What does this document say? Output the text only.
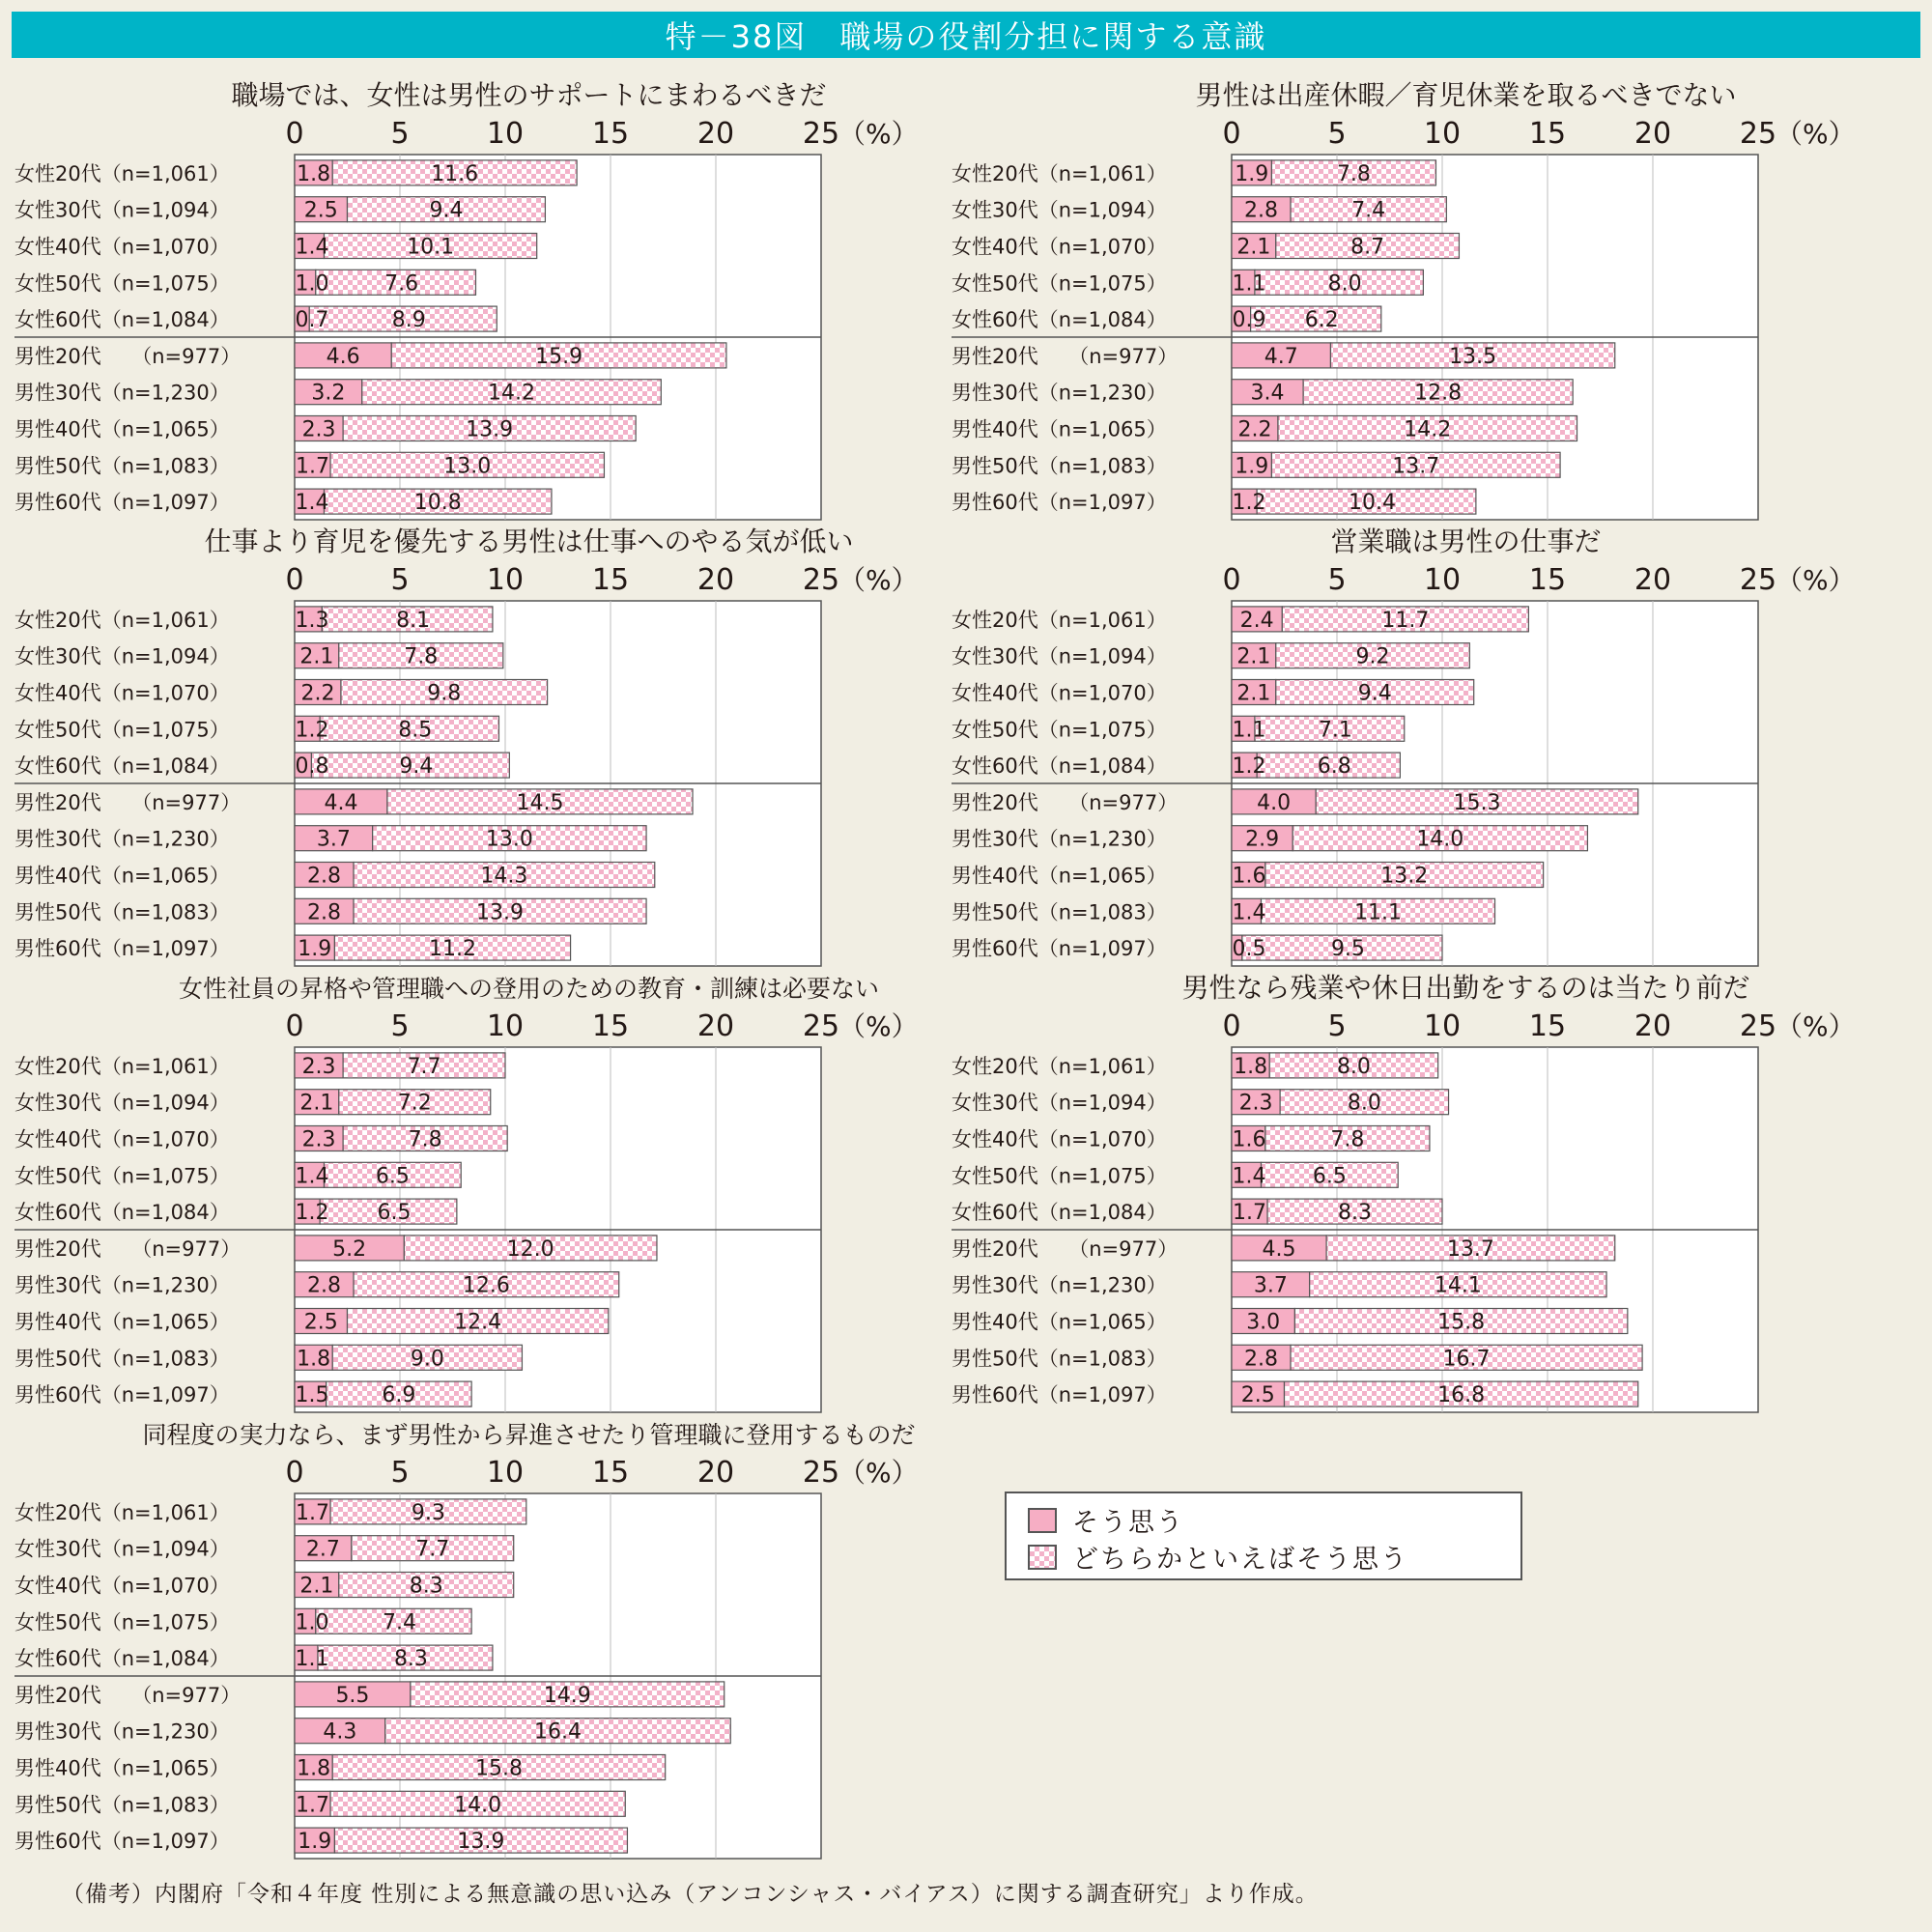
特－38図　職場の役割分担に関する意識
職場では、女性は男性のサポートにまわるべきだ
0	5	10 15 20 25
（%）
女性20代（n=1,061）	1.8	11.6
女性30代（n=1,094）	2.5	9.4
女性40代（n=1,070）	1.4	10.1
女性50代（n=1,075）	1.0	7.6
女性60代（n=1,084）	0.7	8.9
男性20代　　（n=977）	4.6	15.9
男性30代（n=1,230）	3.2	14.2
男性40代（n=1,065）	2.3	13.9
男性50代（n=1,083）	1.7	13.0
男性60代（n=1,097）	1.4	10.8
男性は出産休暇／育児休業を取るべきでない
0	5	10 15 20 25
（%）
女性20代（n=1,061）	1.9	7.8
女性30代（n=1,094）	2.8	7.4
女性40代（n=1,070）	2.1	8.7
女性50代（n=1,075）	1.1	8.0
女性60代（n=1,084）	0.9 6.2
男性20代　　（n=977）	4.7	13.5
男性30代（n=1,230）	3.4	12.8
男性40代（n=1,065）	2.2	14.2
男性50代（n=1,083）	1.9	13.7
男性60代（n=1,097）	1.2	10.4
仕事より育児を優先する男性は仕事へのやる気が低い
0	5	10 15 20 25
（%）
女性20代（n=1,061）	1.3	8.1
女性30代（n=1,094）	2.1	7.8
女性40代（n=1,070）	2.2	9.8
女性50代（n=1,075）	1.2	8.5
女性60代（n=1,084）	0.8	9.4
男性20代　　（n=977）	4.4	14.5
男性30代（n=1,230）	3.7	13.0
男性40代（n=1,065）	2.8	14.3
男性50代（n=1,083）	2.8	13.9
男性60代（n=1,097）	1.9	11.2
営業職は男性の仕事だ
0	5	10 15 20 25
（%）
女性20代（n=1,061）	2.4	11.7
女性30代（n=1,094）	2.1	9.2
女性40代（n=1,070）	2.1	9.4
女性50代（n=1,075）	1.1 7.1
女性60代（n=1,084）	1.2 6.8
男性20代　　（n=977）	4.0	15.3
男性30代（n=1,230）	2.9	14.0
男性40代（n=1,065）	1.6	13.2
男性50代（n=1,083）	1.4	11.1
男性60代（n=1,097）	0.5	9.5
女性社員の昇格や管理職への登用のための教育・訓練は必要ない
0	5	10 15 20 25
（%）
女性20代（n=1,061）	2.3	7.7
女性30代（n=1,094）	2.1	7.2
女性40代（n=1,070）	2.3	7.8
女性50代（n=1,075）	1.4 6.5
女性60代（n=1,084）	1.2 6.5
男性20代　　（n=977）	5.2	12.0
男性30代（n=1,230）	2.8	12.6
男性40代（n=1,065）	2.5	12.4
男性50代（n=1,083）	1.8	9.0
男性60代（n=1,097）	1.5 6.9
男性なら残業や休日出勤をするのは当たり前だ
0	5	10 15 20 25
（%）
女性20代（n=1,061）	1.8	8.0
女性30代（n=1,094）	2.3	8.0
女性40代（n=1,070）	1.6	7.8
女性50代（n=1,075）	1.4 6.5
女性60代（n=1,084）	1.7	8.3
男性20代　　（n=977）	4.5	13.7
男性30代（n=1,230）	3.7	14.1
男性40代（n=1,065）	3.0	15.8
男性50代（n=1,083）	2.8	16.7
男性60代（n=1,097）	2.5	16.8
同程度の実力なら、まず男性から昇進させたり管理職に登用するものだ
0	5	10 15 20 25
（%）
女性20代（n=1,061）	1.7	9.3
女性30代（n=1,094）	2.7	7.7
女性40代（n=1,070）	2.1	8.3
女性50代（n=1,075）	1.0	7.4
女性60代（n=1,084）	1.1	8.3
男性20代　　（n=977）	5.5	14.9
男性30代（n=1,230）	4.3	16.4
男性40代（n=1,065）	1.8	15.8
男性50代（n=1,083）	1.7	14.0
男性60代（n=1,097）	1.9	13.9
そう思う
どちらかといえばそう思う
（備考）内閣府「令和４年度 性別による無意識の思い込み（アンコンシャス・バイアス）に関する調査研究」より作成。
